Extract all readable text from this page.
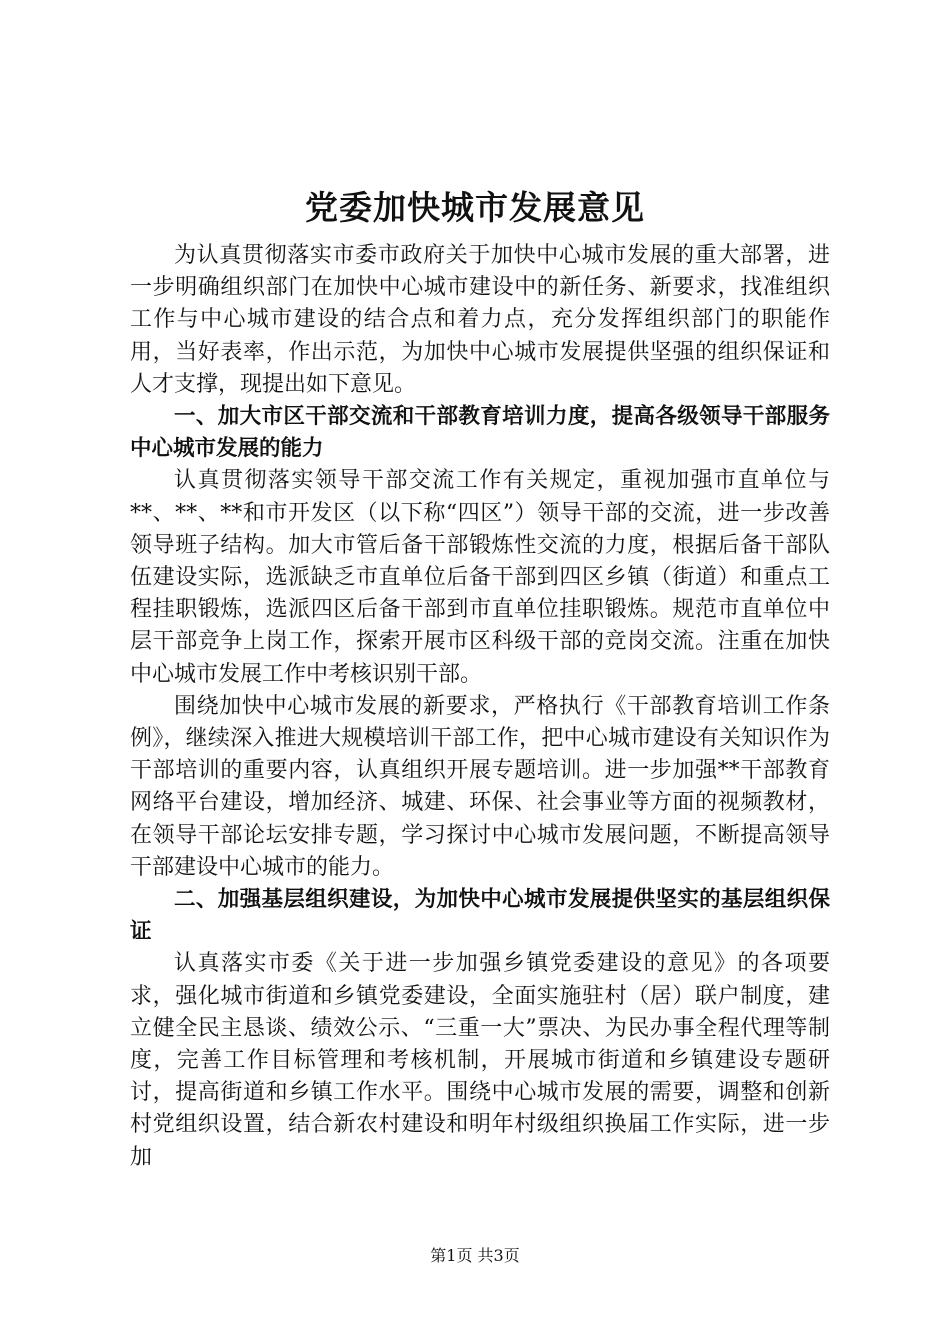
党委加快城市发展意见

为认真贯彻落实市委市政府关于加快中心城市发展的重大部署，进一步明确组织部门在加快中心城市建设中的新任务、新要求，找准组织工作与中心城市建设的结合点和着力点，充分发挥组织部门的职能作用，当好表率，作出示范，为加快中心城市发展提供坚强的组织保证和人才支撑，现提出如下意见。

一、加大市区干部交流和干部教育培训力度，提高各级领导干部服务中心城市发展的能力

认真贯彻落实领导干部交流工作有关规定，重视加强市直单位与**、**、**和市开发区（以下称“四区”）领导干部的交流，进一步改善领导班子结构。加大市管后备干部锻炼性交流的力度，根据后备干部队伍建设实际，选派缺乏市直单位后备干部到四区乡镇（街道）和重点工程挂职锻炼，选派四区后备干部到市直单位挂职锻炼。规范市直单位中层干部竞争上岗工作，探索开展市区科级干部的竞岗交流。注重在加快中心城市发展工作中考核识别干部。

围绕加快中心城市发展的新要求，严格执行《干部教育培训工作条例》，继续深入推进大规模培训干部工作，把中心城市建设有关知识作为干部培训的重要内容，认真组织开展专题培训。进一步加强**干部教育网络平台建设，增加经济、城建、环保、社会事业等方面的视频教材，在领导干部论坛安排专题，学习探讨中心城市发展问题，不断提高领导干部建设中心城市的能力。

二、加强基层组织建设，为加快中心城市发展提供坚实的基层组织保证

认真落实市委《关于进一步加强乡镇党委建设的意见》的各项要求，强化城市街道和乡镇党委建设，全面实施驻村（居）联户制度，建立健全民主恳谈、绩效公示、“三重一大”票决、为民办事全程代理等制度，完善工作目标管理和考核机制，开展城市街道和乡镇建设专题研讨，提高街道和乡镇工作水平。围绕中心城市发展的需要，调整和创新村党组织设置，结合新农村建设和明年村级组织换届工作实际，进一步加

第1页 共3页
